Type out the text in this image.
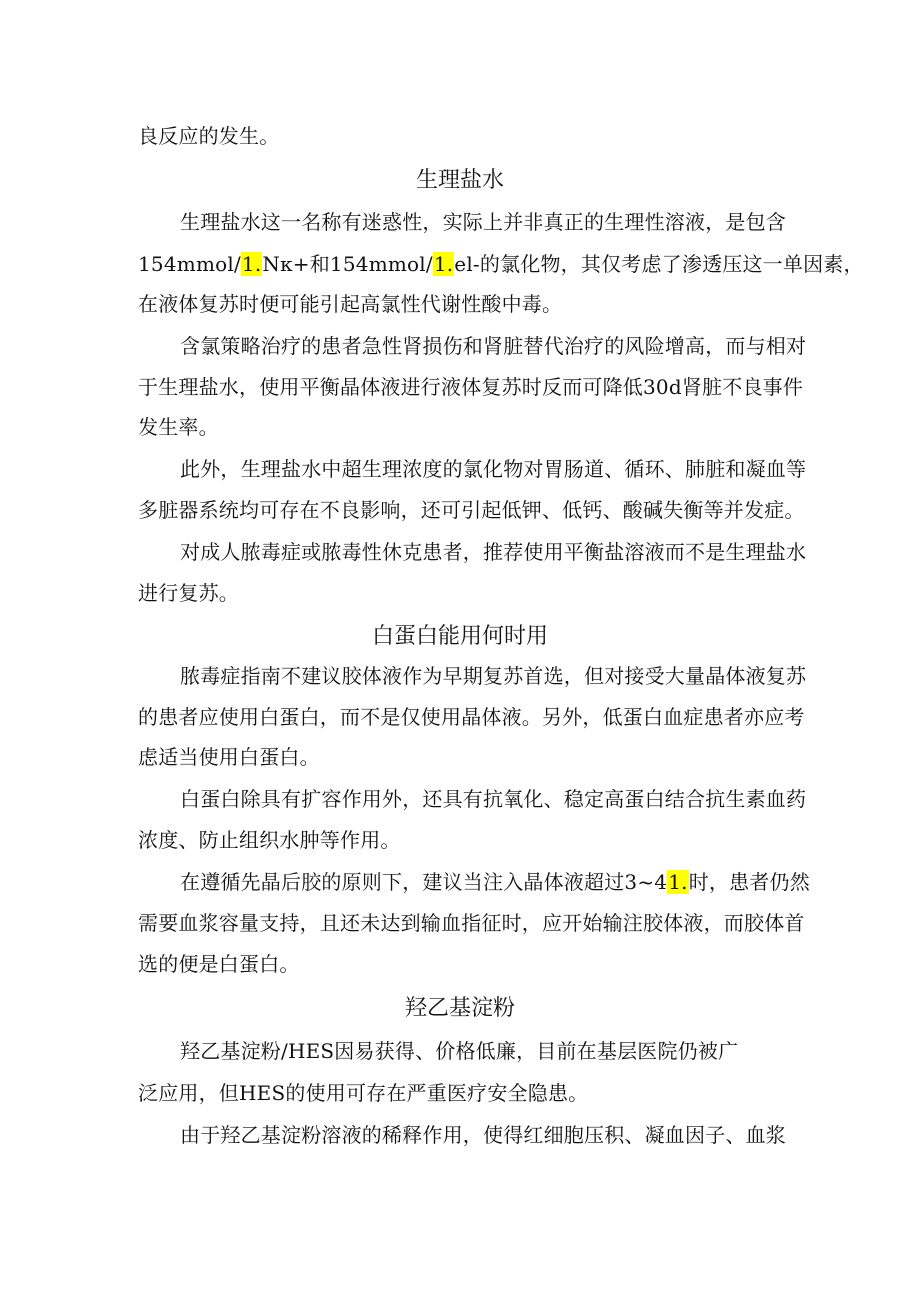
良反应的发生。

生理盐水

生理盐水这一名称有迷惑性，实际上并非真正的生理性溶液，是包含

154mmol/1.Nκ+和154mmol/1.el-的氯化物，其仅考虑了渗透压这一单因素，

在液体复苏时便可能引起高氯性代谢性酸中毒。

含氯策略治疗的患者急性肾损伤和肾脏替代治疗的风险增高，而与相对

于生理盐水，使用平衡晶体液进行液体复苏时反而可降低30d肾脏不良事件

发生率。

此外，生理盐水中超生理浓度的氯化物对胃肠道、循环、肺脏和凝血等

多脏器系统均可存在不良影响，还可引起低钾、低钙、酸碱失衡等并发症。

对成人脓毒症或脓毒性休克患者，推荐使用平衡盐溶液而不是生理盐水

进行复苏。

白蛋白能用何时用

脓毒症指南不建议胶体液作为早期复苏首选，但对接受大量晶体液复苏

的患者应使用白蛋白，而不是仅使用晶体液。另外，低蛋白血症患者亦应考

虑适当使用白蛋白。

白蛋白除具有扩容作用外，还具有抗氧化、稳定高蛋白结合抗生素血药

浓度、防止组织水肿等作用。

在遵循先晶后胶的原则下，建议当注入晶体液超过3~41.时，患者仍然

需要血浆容量支持，且还未达到输血指征时，应开始输注胶体液，而胶体首

选的便是白蛋白。

羟乙基淀粉

羟乙基淀粉/HES因易获得、价格低廉，目前在基层医院仍被广

泛应用，但HES的使用可存在严重医疗安全隐患。

由于羟乙基淀粉溶液的稀释作用，使得红细胞压积、凝血因子、血浆
